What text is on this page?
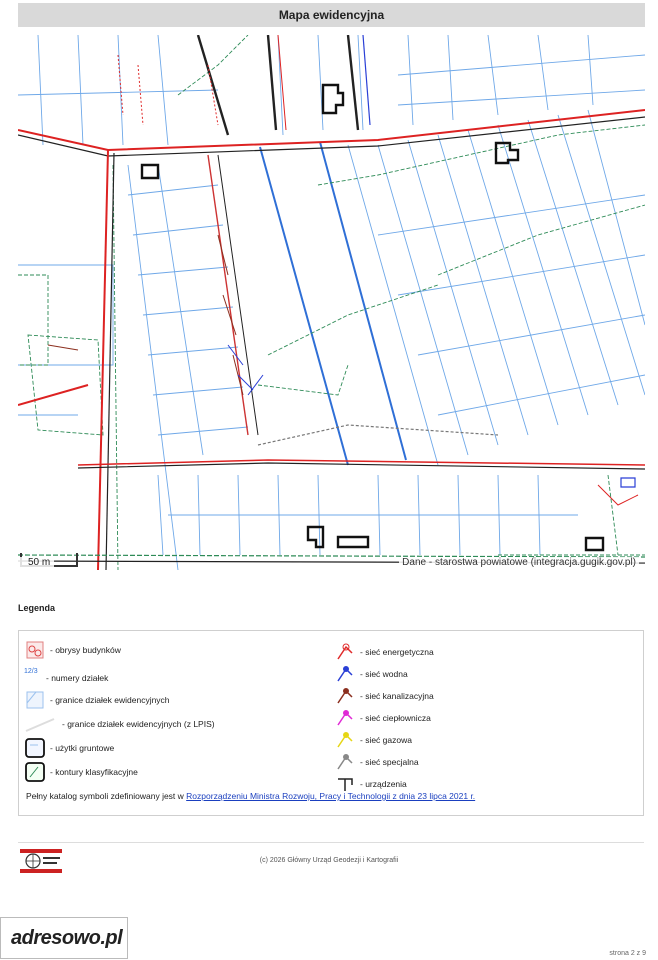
Mapa ewidencyjna
50 m	Dane - starostwa powiatowe (integracja.gugik.gov.pl)
Legenda
- obrysy budynków
12/3
- numery działek
- granice działek ewidencyjnych
- granice działek ewidencyjnych (z LPIS)
- użytki gruntowe
- kontury klasyfikacyjne
- sieć energetyczna
- sieć wodna
- sieć kanalizacyjna
- sieć ciepłownicza
- sieć gazowa
- sieć specjalna
- urządzenia
Pełny katalog symboli zdefiniowany jest w Rozporządzeniu Ministra Rozwoju, Pracy i Technologii z dnia 23 lipca 2021 r.
(c) 2026 Główny Urząd Geodezji i Kartografii
adresowo.pl
strona 2 z 9
